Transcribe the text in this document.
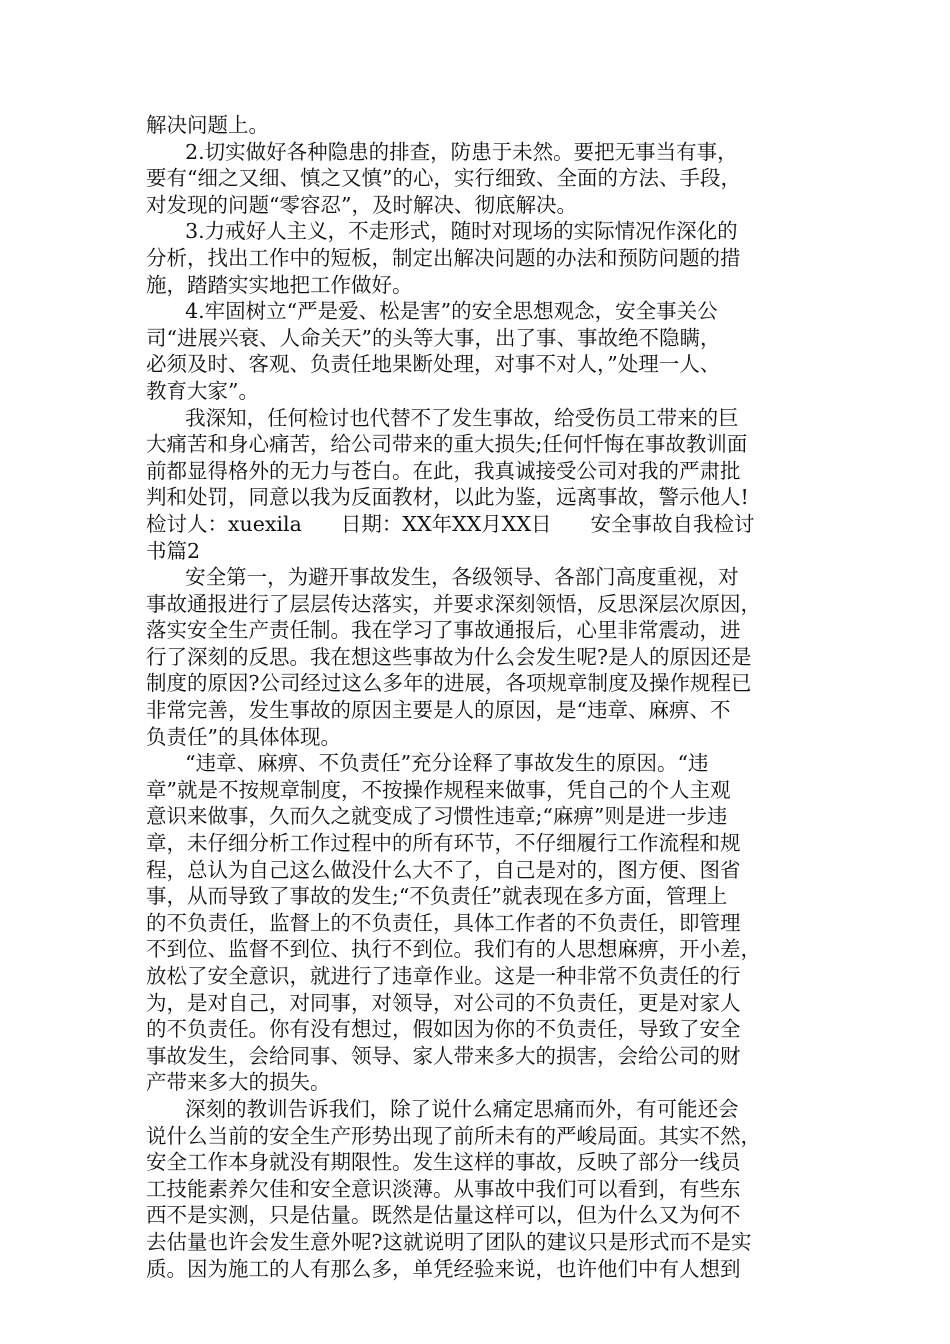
解决问题上。
2.切实做好各种隐患的排查，防患于未然。要把无事当有事，
要有“细之又细、慎之又慎”的心，实行细致、全面的方法、手段，
对发现的问题“零容忍”，及时解决、彻底解决。
3.力戒好人主义，不走形式，随时对现场的实际情况作深化的
分析，找出工作中的短板，制定出解决问题的办法和预防问题的措
施，踏踏实实地把工作做好。
4.牢固树立“严是爱、松是害”的安全思想观念，安全事关公
司“进展兴衰、人命关天”的头等大事，出了事、事故绝不隐瞒，
必须及时、客观、负责任地果断处理，对事不对人，”处理一人、
教育大家”。
我深知，任何检讨也代替不了发生事故，给受伤员工带来的巨
大痛苦和身心痛苦，给公司带来的重大损失;任何忏悔在事故教训面
前都显得格外的无力与苍白。在此，我真诚接受公司对我的严肃批
判和处罚，同意以我为反面教材，以此为鉴，远离事故，警示他人!
检讨人：xuexila      日期：XX年XX月XX日      安全事故自我检讨
书篇2
安全第一，为避开事故发生，各级领导、各部门高度重视，对
事故通报进行了层层传达落实，并要求深刻领悟，反思深层次原因，
落实安全生产责任制。我在学习了事故通报后，心里非常震动，进
行了深刻的反思。我在想这些事故为什么会发生呢?是人的原因还是
制度的原因?公司经过这么多年的进展，各项规章制度及操作规程已
非常完善，发生事故的原因主要是人的原因，是“违章、麻痹、不
负责任”的具体体现。
“违章、麻痹、不负责任”充分诠释了事故发生的原因。“违
章”就是不按规章制度，不按操作规程来做事，凭自己的个人主观
意识来做事，久而久之就变成了习惯性违章;“麻痹”则是进一步违
章，未仔细分析工作过程中的所有环节，不仔细履行工作流程和规
程，总认为自己这么做没什么大不了，自己是对的，图方便、图省
事，从而导致了事故的发生;“不负责任”就表现在多方面，管理上
的不负责任，监督上的不负责任，具体工作者的不负责任，即管理
不到位、监督不到位、执行不到位。我们有的人思想麻痹，开小差，
放松了安全意识，就进行了违章作业。这是一种非常不负责任的行
为，是对自己，对同事，对领导，对公司的不负责任，更是对家人
的不负责任。你有没有想过，假如因为你的不负责任，导致了安全
事故发生，会给同事、领导、家人带来多大的损害，会给公司的财
产带来多大的损失。
深刻的教训告诉我们，除了说什么痛定思痛而外，有可能还会
说什么当前的安全生产形势出现了前所未有的严峻局面。其实不然，
安全工作本身就没有期限性。发生这样的事故，反映了部分一线员
工技能素养欠佳和安全意识淡薄。从事故中我们可以看到，有些东
西不是实测，只是估量。既然是估量这样可以，但为什么又为何不
去估量也许会发生意外呢?这就说明了团队的建议只是形式而不是实
质。因为施工的人有那么多，单凭经验来说，也许他们中有人想到
